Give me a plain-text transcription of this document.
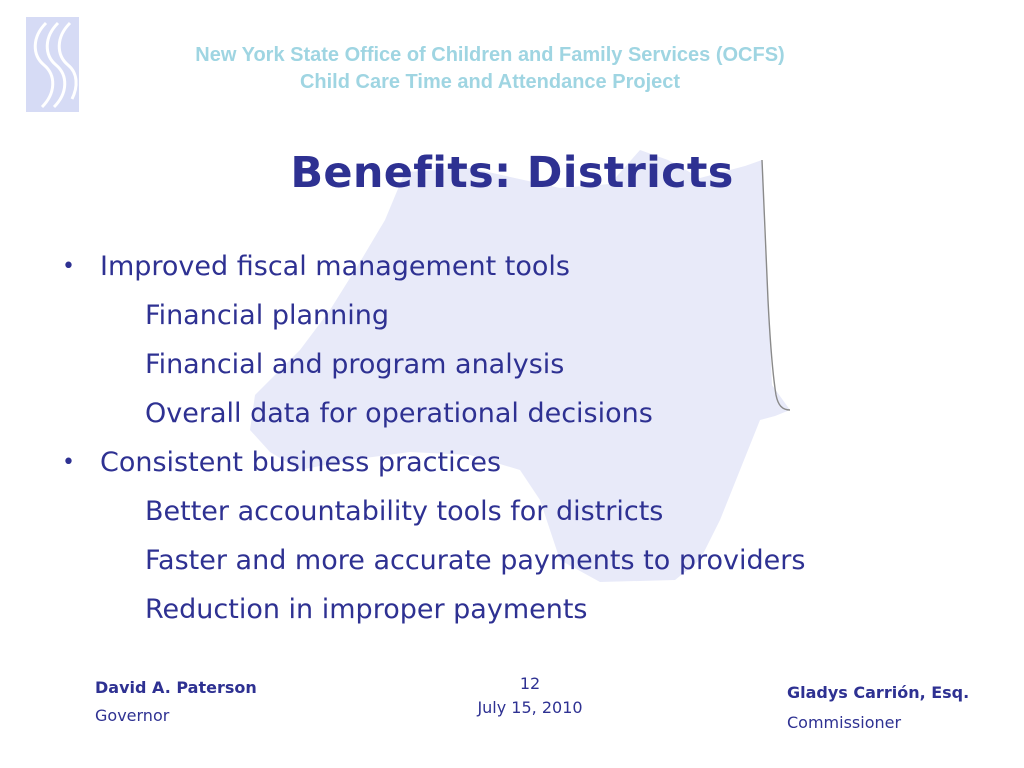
New York State Office of Children and Family Services (OCFS)
Child Care Time and Attendance Project
Benefits: Districts
• Improved fiscal management tools
Financial planning
Financial and program analysis
Overall data for operational decisions
• Consistent business practices
Better accountability tools for districts
Faster and more accurate payments to providers
Reduction in improper payments
David A. Paterson
Governor
12
July 15, 2010
Gladys Carrión, Esq.
Commissioner
